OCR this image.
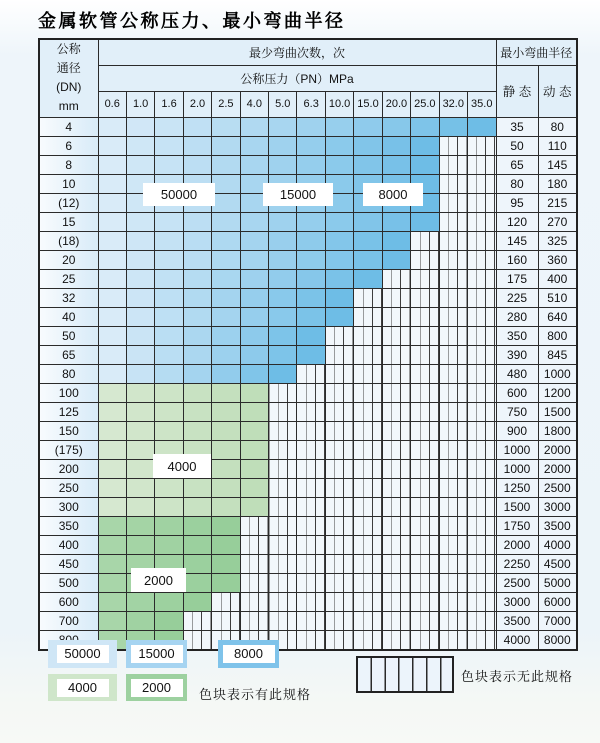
金属软管公称压力、最小弯曲半径
公称
通径
(DN)
mm	最少弯曲次数，次														最小弯曲半径	
	公称压力（PN）MPa														静 态	动 态
	0.6	1.0	1.6	2.0	2.5	4.0	5.0	6.3	10.0	15.0	20.0	25.0	32.0	35.0		
4															35	80
6															50	110
8															65	145
10															80	180
(12)															95	215
15															120	270
(18)															145	325
20															160	360
25															175	400
32															225	510
40															280	640
50															350	800
65															390	845
80															480	1000
100															600	1200
125															750	1500
150															900	1800
(175)															1000	2000
200															1000	2000
250															1250	2500
300															1500	3000
350															1750	3500
400															2000	4000
450															2250	4500
500															2500	5000
600															3000	6000
700															3500	7000
															4000	8000
50000	15000	8000
4000
2000
50000	15000	8000
4000	2000	色块表示有此规格
色块表示无此规格
